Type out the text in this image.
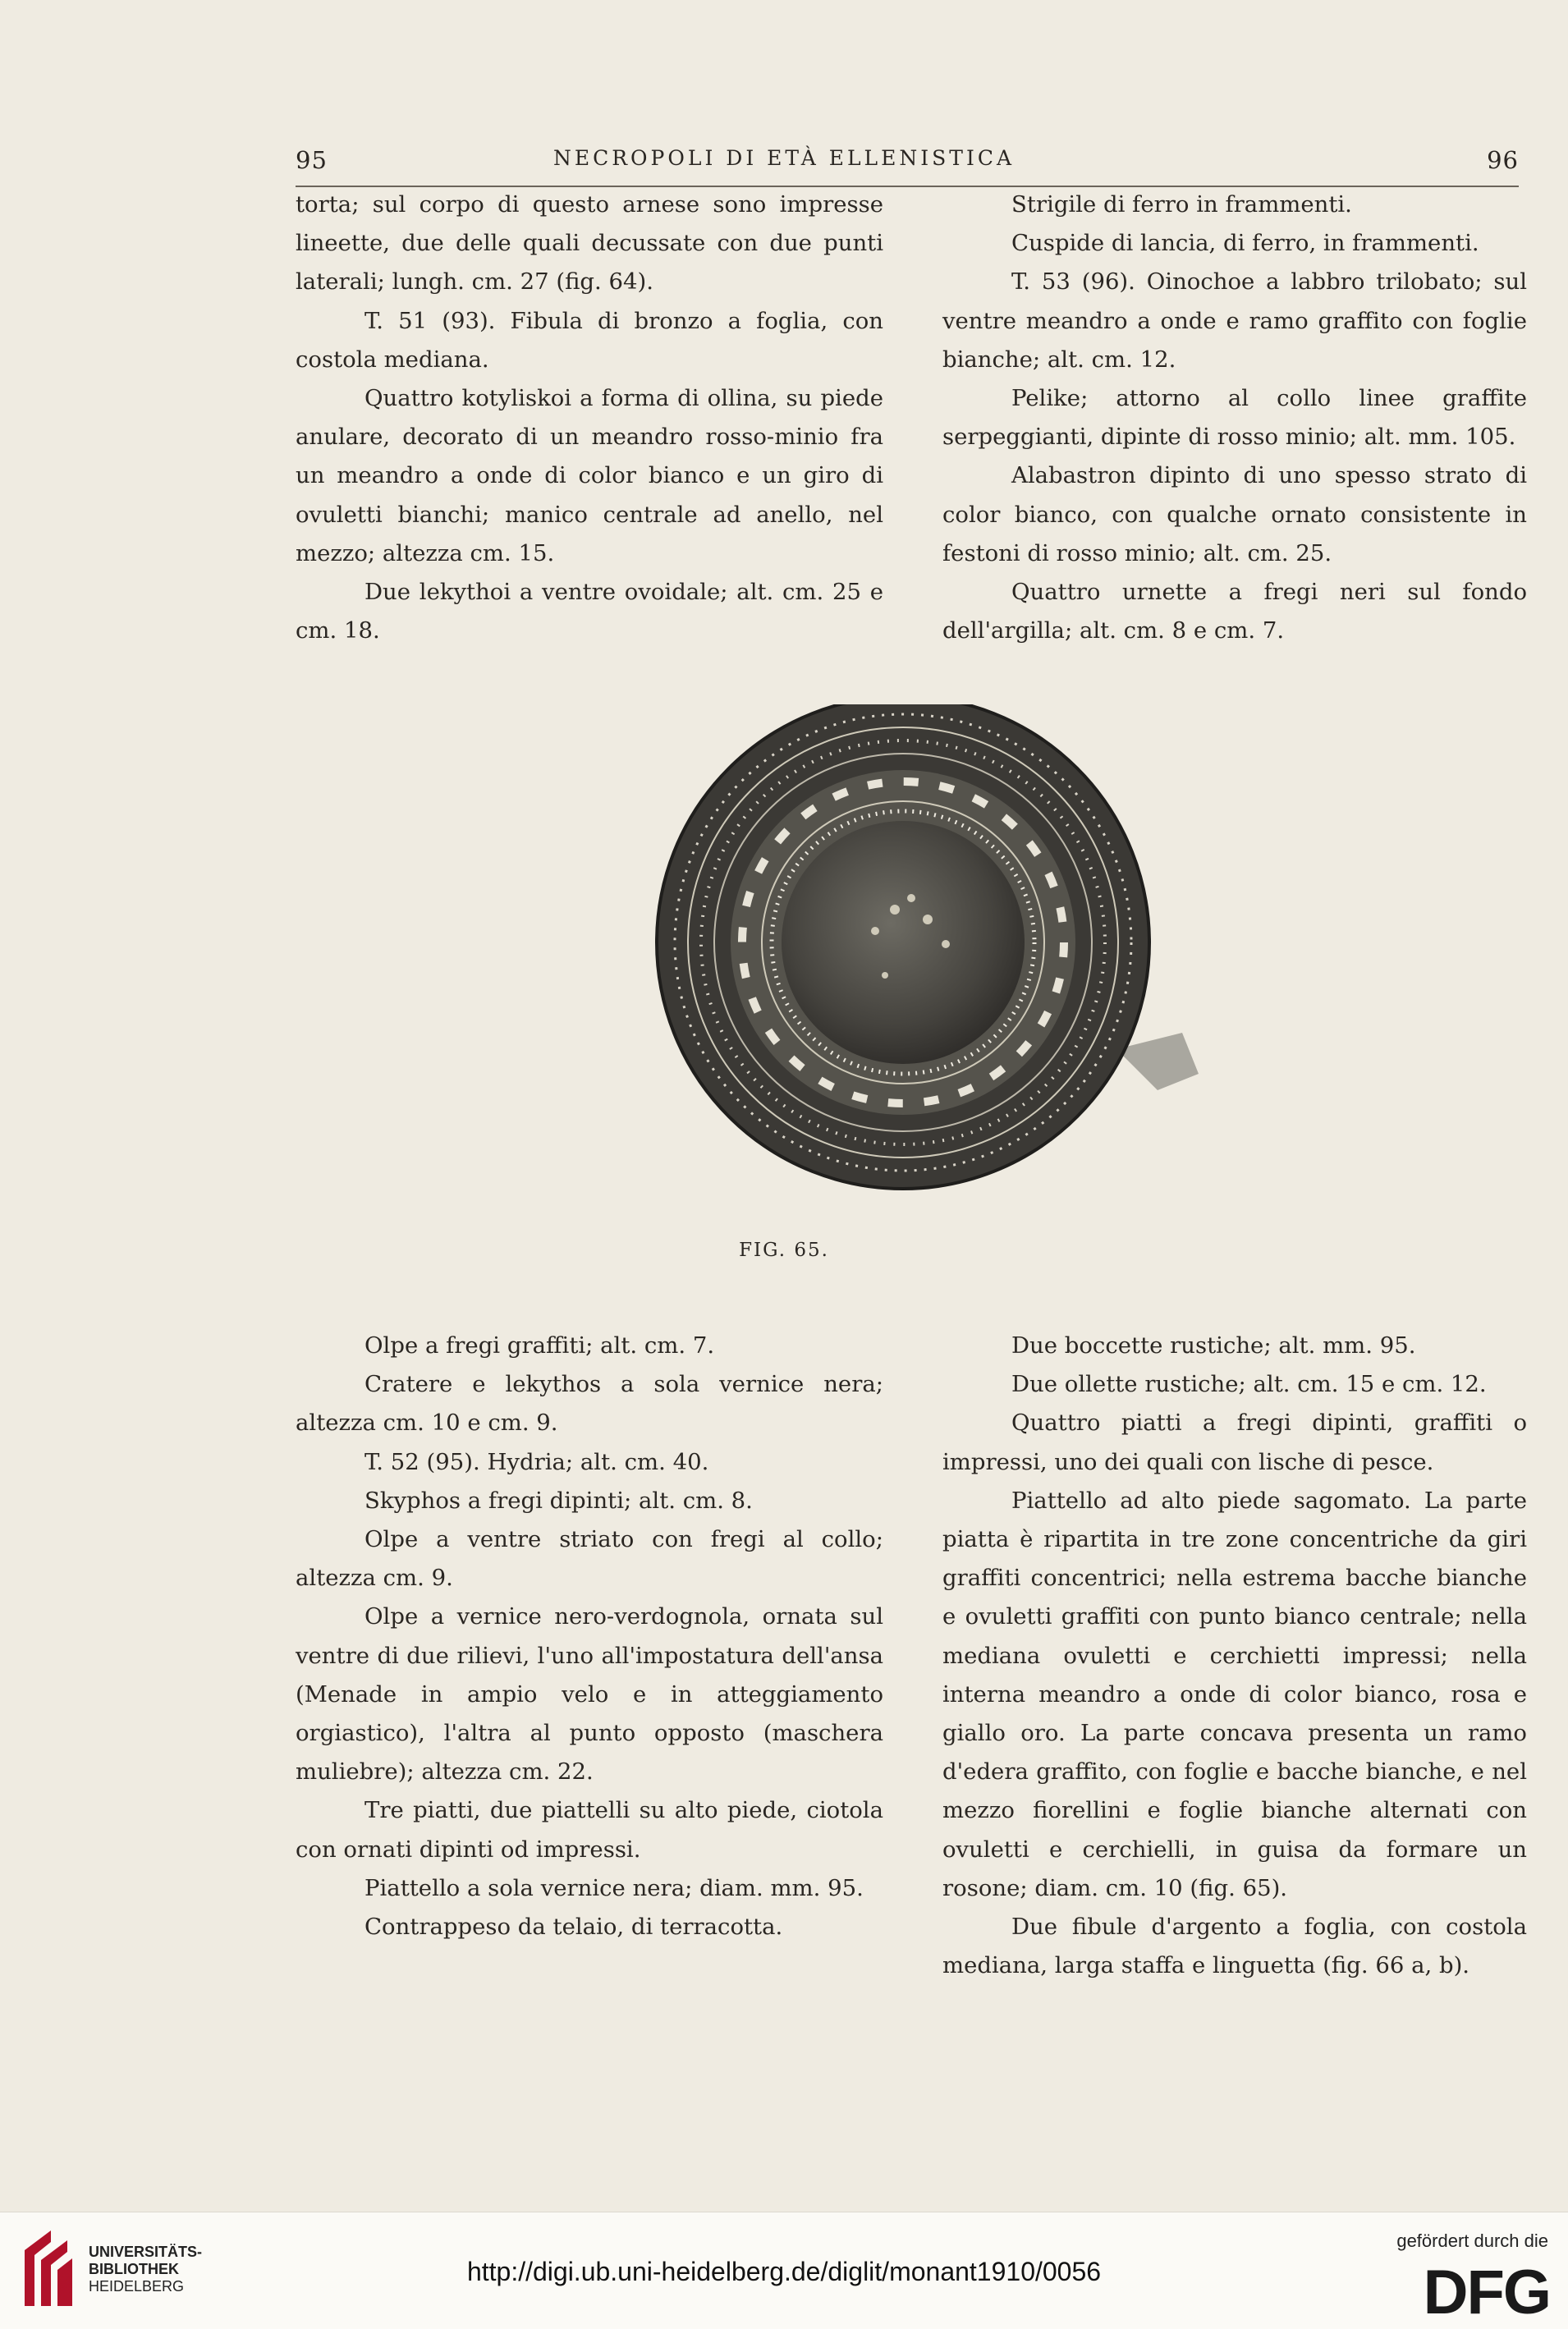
95	NECROPOLI DI ETÀ ELLENISTICA	96

torta; sul corpo di questo arnese sono impresse lineette, due delle quali decussate con due punti laterali; lungh. cm. 27 (fig. 64).

T. 51 (93). Fibula di bronzo a foglia, con costola mediana.

Quattro kotyliskoi a forma di ollina, su piede anulare, decorato di un meandro rosso-minio fra un meandro a onde di color bianco e un giro di ovuletti bianchi; manico centrale ad anello, nel mezzo; altezza cm. 15.

Due lekythoi a ventre ovoidale; alt. cm. 25 e cm. 18.

Strigile di ferro in frammenti.

Cuspide di lancia, di ferro, in frammenti.

T. 53 (96). Oinochoe a labbro trilobato; sul ventre meandro a onde e ramo graffito con foglie bianche; alt. cm. 12.

Pelike; attorno al collo linee graffite serpeggianti, dipinte di rosso minio; alt. mm. 105.

Alabastron dipinto di uno spesso strato di color bianco, con qualche ornato consistente in festoni di rosso minio; alt. cm. 25.

Quattro urnette a fregi neri sul fondo dell'argilla; alt. cm. 8 e cm. 7.

FIG. 65.

Olpe a fregi graffiti; alt. cm. 7.

Cratere e lekythos a sola vernice nera; altezza cm. 10 e cm. 9.

T. 52 (95). Hydria; alt. cm. 40.

Skyphos a fregi dipinti; alt. cm. 8.

Olpe a ventre striato con fregi al collo; altezza cm. 9.

Olpe a vernice nero-verdognola, ornata sul ventre di due rilievi, l'uno all'impostatura dell'ansa (Menade in ampio velo e in atteggiamento orgiastico), l'altra al punto opposto (maschera muliebre); altezza cm. 22.

Tre piatti, due piattelli su alto piede, ciotola con ornati dipinti od impressi.

Piattello a sola vernice nera; diam. mm. 95.

Contrappeso da telaio, di terracotta.

Due boccette rustiche; alt. mm. 95.

Due ollette rustiche; alt. cm. 15 e cm. 12.

Quattro piatti a fregi dipinti, graffiti o impressi, uno dei quali con lische di pesce.

Piattello ad alto piede sagomato. La parte piatta è ripartita in tre zone concentriche da giri graffiti concentrici; nella estrema bacche bianche e ovuletti graffiti con punto bianco centrale; nella mediana ovuletti e cerchietti impressi; nella interna meandro a onde di color bianco, rosa e giallo oro. La parte concava presenta un ramo d'edera graffito, con foglie e bacche bianche, e nel mezzo fiorellini e foglie bianche alternati con ovuletti e cerchielli, in guisa da formare un rosone; diam. cm. 10 (fig. 65).

Due fibule d'argento a foglia, con costola mediana, larga staffa e linguetta (fig. 66 a, b).

UNIVERSITÄTS-
BIBLIOTHEK
HEIDELBERG	http://digi.ub.uni-heidelberg.de/diglit/monant1910/0056
gefördert durch die
DFG
